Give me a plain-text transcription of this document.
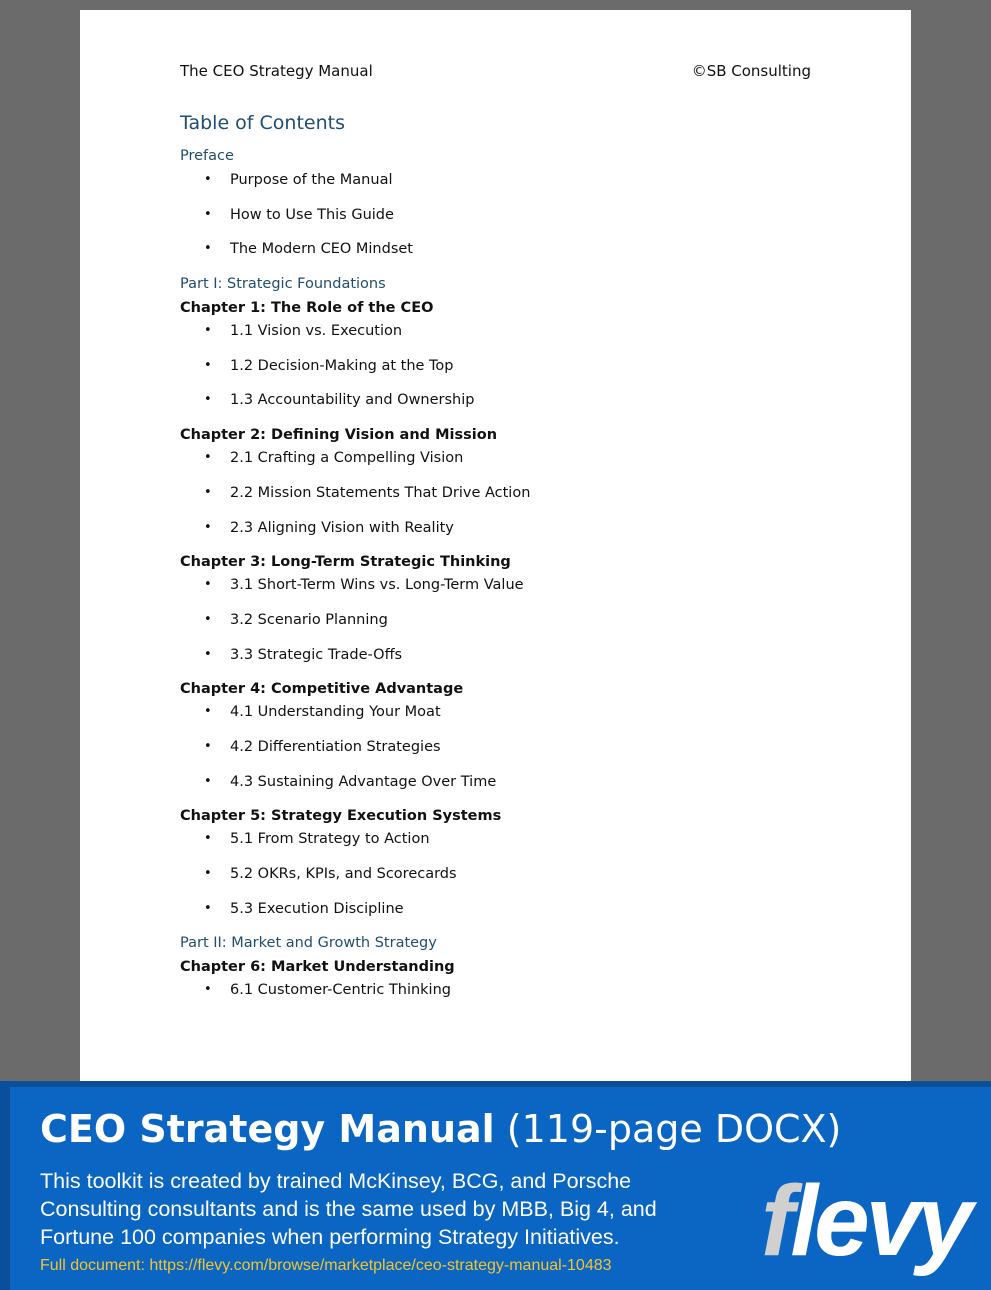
The CEO Strategy Manual	©SB Consulting
Table of Contents
Preface
• Purpose of the Manual
• How to Use This Guide
• The Modern CEO Mindset
Part I: Strategic Foundations
Chapter 1: The Role of the CEO
• 1.1 Vision vs. Execution
• 1.2 Decision-Making at the Top
• 1.3 Accountability and Ownership
Chapter 2: Defining Vision and Mission
• 2.1 Crafting a Compelling Vision
• 2.2 Mission Statements That Drive Action
• 2.3 Aligning Vision with Reality
Chapter 3: Long-Term Strategic Thinking
• 3.1 Short-Term Wins vs. Long-Term Value
• 3.2 Scenario Planning
• 3.3 Strategic Trade-Offs
Chapter 4: Competitive Advantage
• 4.1 Understanding Your Moat
• 4.2 Differentiation Strategies
• 4.3 Sustaining Advantage Over Time
Chapter 5: Strategy Execution Systems
• 5.1 From Strategy to Action
• 5.2 OKRs, KPIs, and Scorecards
• 5.3 Execution Discipline
Part II: Market and Growth Strategy
Chapter 6: Market Understanding
• 6.1 Customer-Centric Thinking
CEO Strategy Manual (119-page DOCX)
This toolkit is created by trained McKinsey, BCG, and Porsche Consulting consultants and is the same used by MBB, Big 4, and Fortune 100 companies when performing Strategy Initiatives.
Full document: https://flevy.com/browse/marketplace/ceo-strategy-manual-10483 flevy
